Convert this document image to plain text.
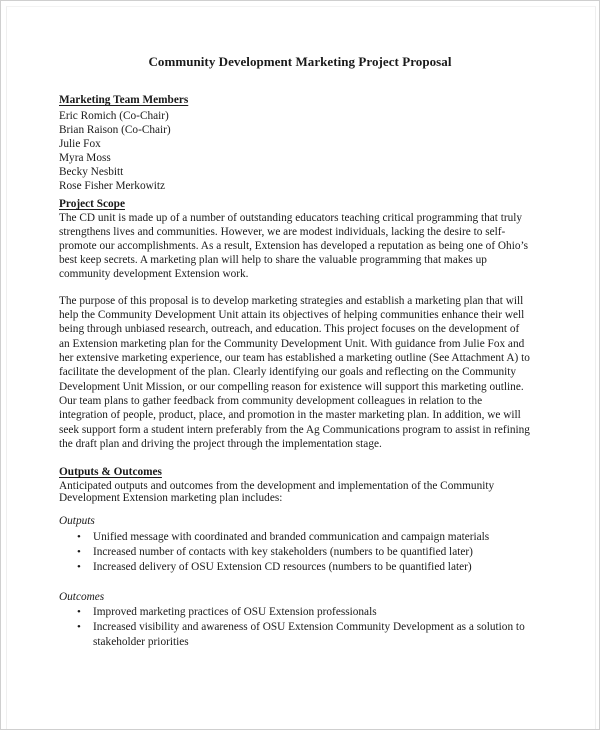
Community Development Marketing Project Proposal
Marketing Team Members
Eric Romich (Co-Chair)
Brian Raison (Co-Chair)
Julie Fox
Myra Moss
Becky Nesbitt
Rose Fisher Merkowitz
Project Scope
The CD unit is made up of a number of outstanding educators teaching critical programming that truly
strengthens lives and communities. However, we are modest individuals, lacking the desire to self-
promote our accomplishments. As a result, Extension has developed a reputation as being one of Ohio’s
best keep secrets. A marketing plan will help to share the valuable programming that makes up
community development Extension work.
The purpose of this proposal is to develop marketing strategies and establish a marketing plan that will
help the Community Development Unit attain its objectives of helping communities enhance their well
being through unbiased research, outreach, and education. This project focuses on the development of
an Extension marketing plan for the Community Development Unit. With guidance from Julie Fox and
her extensive marketing experience, our team has established a marketing outline (See Attachment A) to
facilitate the development of the plan. Clearly identifying our goals and reflecting on the Community
Development Unit Mission, or our compelling reason for existence will support this marketing outline.
Our team plans to gather feedback from community development colleagues in relation to the
integration of people, product, place, and promotion in the master marketing plan. In addition, we will
seek support form a student intern preferably from the Ag Communications program to assist in refining
the draft plan and driving the project through the implementation stage.
Outputs & Outcomes
Anticipated outputs and outcomes from the development and implementation of the Community
Development Extension marketing plan includes:
Outputs
• Unified message with coordinated and branded communication and campaign materials
• Increased number of contacts with key stakeholders (numbers to be quantified later)
• Increased delivery of OSU Extension CD resources (numbers to be quantified later)
Outcomes
• Improved marketing practices of OSU Extension professionals
• Increased visibility and awareness of OSU Extension Community Development as a solution to
stakeholder priorities
